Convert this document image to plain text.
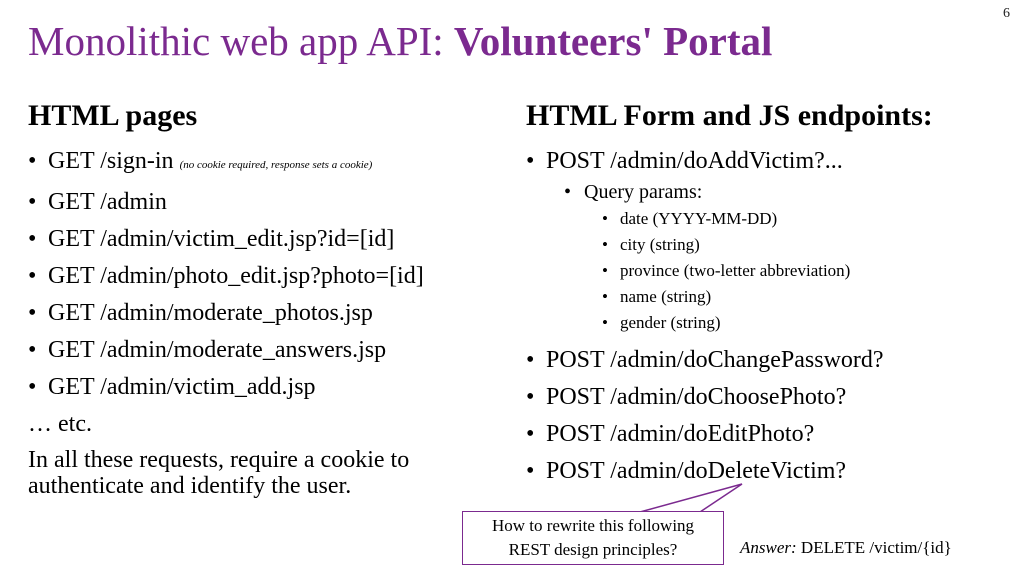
6
Monolithic web app API: Volunteers' Portal
HTML pages
• GET /sign-in (no cookie required, response sets a cookie)
• GET /admin
• GET /admin/victim_edit.jsp?id=[id]
• GET /admin/photo_edit.jsp?photo=[id]
• GET /admin/moderate_photos.jsp
• GET /admin/moderate_answers.jsp
• GET /admin/victim_add.jsp
… etc.
In all these requests, require a cookie to authenticate and identify the user.
HTML Form and JS endpoints:
• POST /admin/doAddVictim?...
• Query params:
• date (YYYY-MM-DD)
• city (string)
• province (two-letter abbreviation)
• name (string)
• gender (string)
• POST /admin/doChangePassword?
• POST /admin/doChoosePhoto?
• POST /admin/doEditPhoto?
• POST /admin/doDeleteVictim?
How to rewrite this following
REST design principles?	Answer: DELETE /victim/{id}
